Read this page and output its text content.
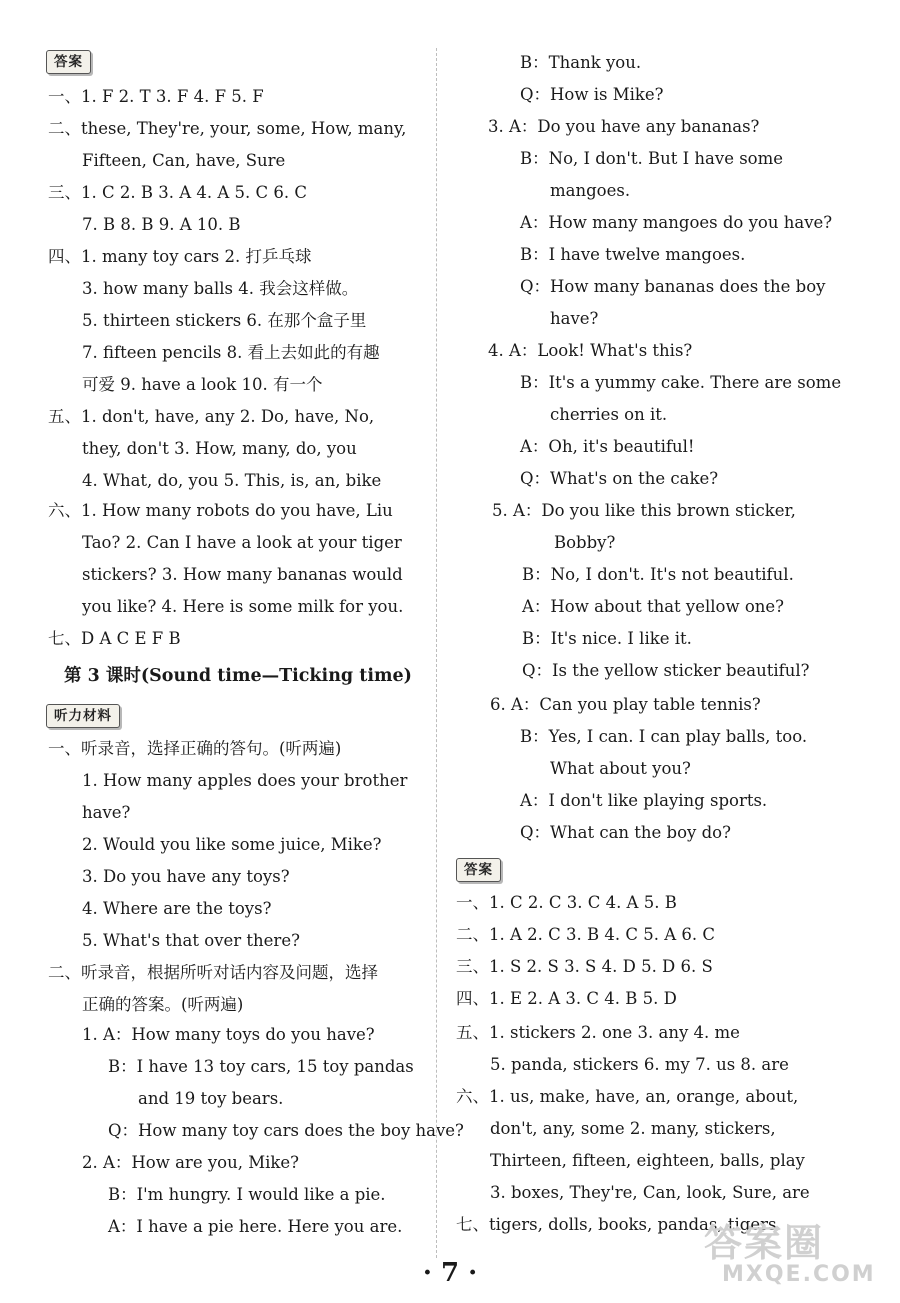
答案
一、1. F 2. T 3. F 4. F 5. F
二、these, They're, your, some, How, many,
Fifteen, Can, have, Sure
三、1. C 2. B 3. A 4. A 5. C 6. C
7. B 8. B 9. A 10. B
四、1. many toy cars 2. 打乒乓球
3. how many balls 4. 我会这样做。
5. thirteen stickers 6. 在那个盒子里
7. fifteen pencils 8. 看上去如此的有趣
可爱 9. have a look 10. 有一个
五、1. don't, have, any 2. Do, have, No,
they, don't 3. How, many, do, you
4. What, do, you 5. This, is, an, bike
六、1. How many robots do you have, Liu
Tao? 2. Can I have a look at your tiger
stickers? 3. How many bananas would
you like? 4. Here is some milk for you.
七、D A C E F B
第 3 课时(Sound time—Ticking time)
听力材料
一、听录音，选择正确的答句。(听两遍)
1. How many apples does your brother
have?
2. Would you like some juice, Mike?
3. Do you have any toys?
4. Where are the toys?
5. What's that over there?
二、听录音，根据所听对话内容及问题，选择
正确的答案。(听两遍)
1. A：How many toys do you have?
B：I have 13 toy cars, 15 toy pandas
and 19 toy bears.
Q：How many toy cars does the boy have?
2. A：How are you, Mike?
B：I'm hungry. I would like a pie.
A：I have a pie here. Here you are.
B：Thank you.
Q：How is Mike?
3. A：Do you have any bananas?
B：No, I don't. But I have some
mangoes.
A：How many mangoes do you have?
B：I have twelve mangoes.
Q：How many bananas does the boy
have?
4. A：Look! What's this?
B：It's a yummy cake. There are some
cherries on it.
A：Oh, it's beautiful!
Q：What's on the cake?
5. A：Do you like this brown sticker,
Bobby?
B：No, I don't. It's not beautiful.
A：How about that yellow one?
B：It's nice. I like it.
Q：Is the yellow sticker beautiful?
6. A：Can you play table tennis?
B：Yes, I can. I can play balls, too.
What about you?
A：I don't like playing sports.
Q：What can the boy do?
答案
一、1. C 2. C 3. C 4. A 5. B
二、1. A 2. C 3. B 4. C 5. A 6. C
三、1. S 2. S 3. S 4. D 5. D 6. S
四、1. E 2. A 3. C 4. B 5. D
五、1. stickers 2. one 3. any 4. me
5. panda, stickers 6. my 7. us 8. are
六、1. us, make, have, an, orange, about,
don't, any, some 2. many, stickers,
Thirteen, fifteen, eighteen, balls, play
3. boxes, They're, Can, look, Sure, are
七、tigers, dolls, books, pandas, tigers
· 7 ·
答案圈
MXQE.COM
